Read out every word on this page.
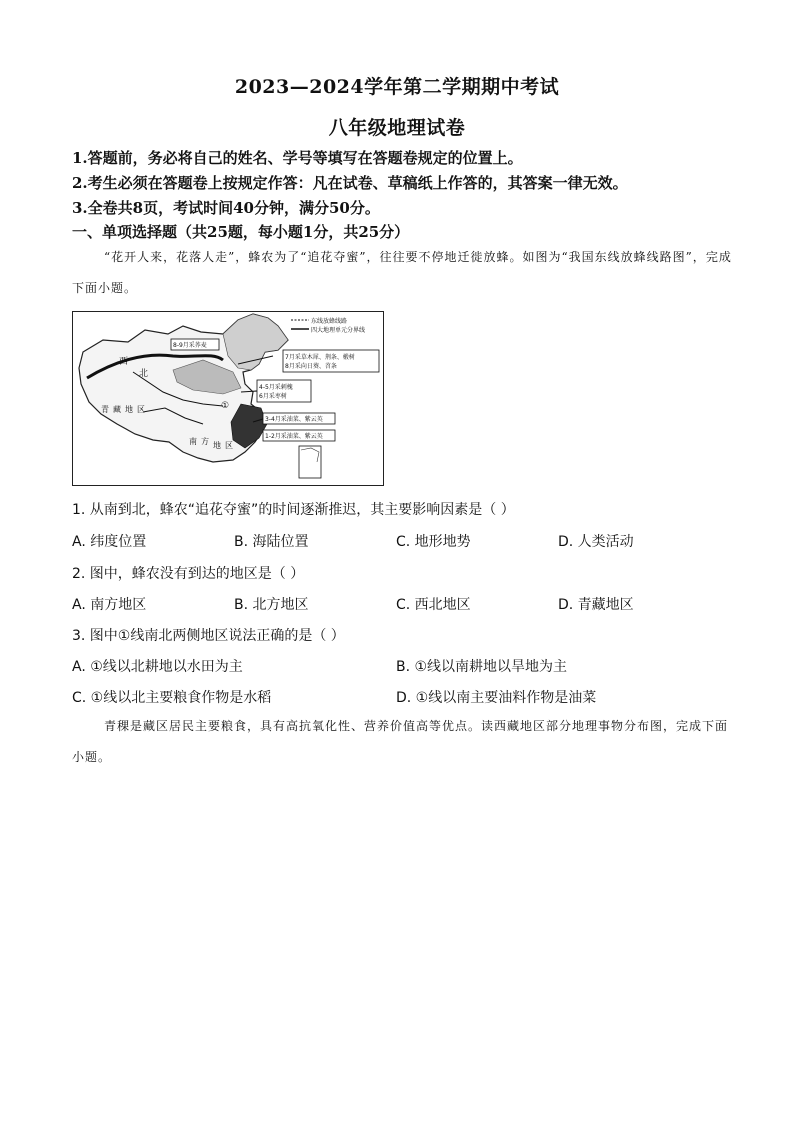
2023—2024学年第二学期期中考试
八年级地理试卷
1.答题前，务必将自己的姓名、学号等填写在答题卷规定的位置上。
2.考生必须在答题卷上按规定作答：凡在试卷、草稿纸上作答的，其答案一律无效。
3.全卷共8页，考试时间40分钟，满分50分。
一、单项选择题（共25题，每小题1分，共25分）
“花开人来，花落人走”，蜂农为了“追花夺蜜”，往往要不停地迁徙放蜂。如图为“我国东线放蜂线路图”，完成下面小题。
①
西
北
青 藏 地 区
南 方 地 区
东线放蜂线路
四大地理单元分界线
8-9月采荞麦
7月采草木犀、荆条、椴树
8月采向日葵、苕条
4-5月采刺槐
6月采枣树
3-4月采油菜、紫云英
1-2月采油菜、紫云英
1. 从南到北，蜂农“追花夺蜜”的时间逐渐推迟，其主要影响因素是（ ）
A. 纬度位置	B. 海陆位置	C. 地形地势	D. 人类活动
2. 图中，蜂农没有到达的地区是（ ）
A. 南方地区	B. 北方地区	C. 西北地区	D. 青藏地区
3. 图中①线南北两侧地区说法正确的是（ ）
A. ①线以北耕地以水田为主	B. ①线以南耕地以旱地为主
C. ①线以北主要粮食作物是水稻	D. ①线以南主要油料作物是油菜
青稞是藏区居民主要粮食，具有高抗氧化性、营养价值高等优点。读西藏地区部分地理事物分布图，完成下面小题。
